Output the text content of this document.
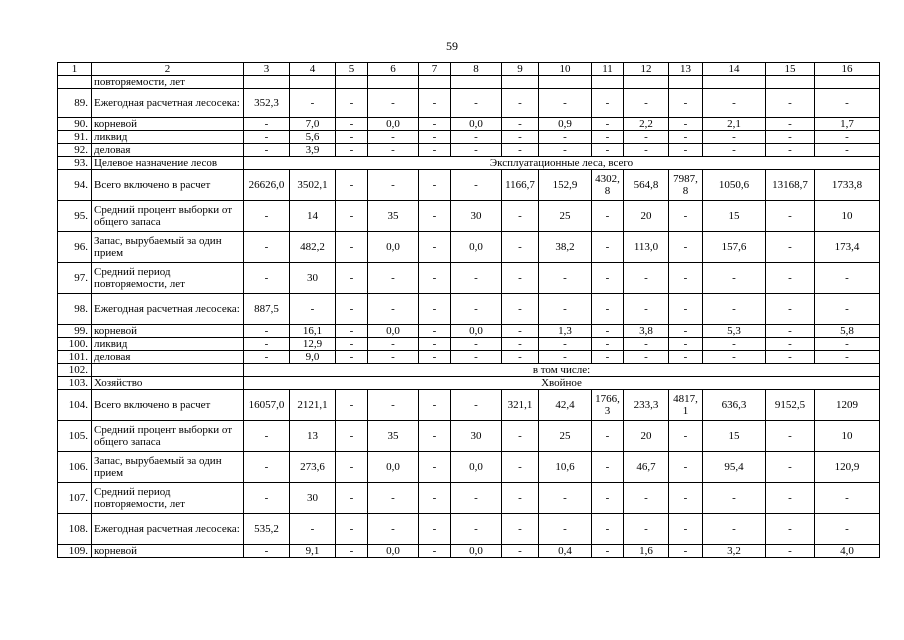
59
1	2	3	4	5	6	7	8	9	10	11	12	13	14	15	16
	повторяемости, лет														
89.	Ежегодная расчетная лесосека:	352,3	-	-	-	-	-	-	-	-	-	-	-	-	-
90.	корневой	-	7,0	-	0,0	-	0,0	-	0,9	-	2,2	-	2,1	-	1,7
91.	ликвид	-	5,6	-	-	-	-	-	-	-	-	-	-	-	-
92.	деловая	-	3,9	-	-	-	-	-	-	-	-	-	-	-	-
93.	Целевое назначение лесов	Эксплуатационные леса, всего													
94.	Всего включено в расчет	26626,0	3502,1	-	-	-	-	1166,7	152,9	4302,8	564,8	7987,8	1050,6	13168,7	1733,8
95.	Средний процент выборки от общего запаса	-	14	-	35	-	30	-	25	-	20	-	15	-	10
96.	Запас, вырубаемый за один прием	-	482,2	-	0,0	-	0,0	-	38,2	-	113,0	-	157,6	-	173,4
97.	Средний период повторяемости, лет	-	30	-	-	-	-	-	-	-	-	-	-	-	-
98.	Ежегодная расчетная лесосека:	887,5	-	-	-	-	-	-	-	-	-	-	-	-	-
99.	корневой	-	16,1	-	0,0	-	0,0	-	1,3	-	3,8	-	5,3	-	5,8
100.	ликвид	-	12,9	-	-	-	-	-	-	-	-	-	-	-	-
101.	деловая	-	9,0	-	-	-	-	-	-	-	-	-	-	-	-
102.		в том числе:													
103.	Хозяйство	Хвойное													
104.	Всего включено в расчет	16057,0	2121,1	-	-	-	-	321,1	42,4	1766,3	233,3	4817,1	636,3	9152,5	1209
105.	Средний процент выборки от общего запаса	-	13	-	35	-	30	-	25	-	20	-	15	-	10
106.	Запас, вырубаемый за один прием	-	273,6	-	0,0	-	0,0	-	10,6	-	46,7	-	95,4	-	120,9
107.	Средний период повторяемости, лет	-	30	-	-	-	-	-	-	-	-	-	-	-	-
108.	Ежегодная расчетная лесосека:	535,2	-	-	-	-	-	-	-	-	-	-	-	-	-
109.	корневой	-	9,1	-	0,0	-	0,0	-	0,4	-	1,6	-	3,2	-	4,0
